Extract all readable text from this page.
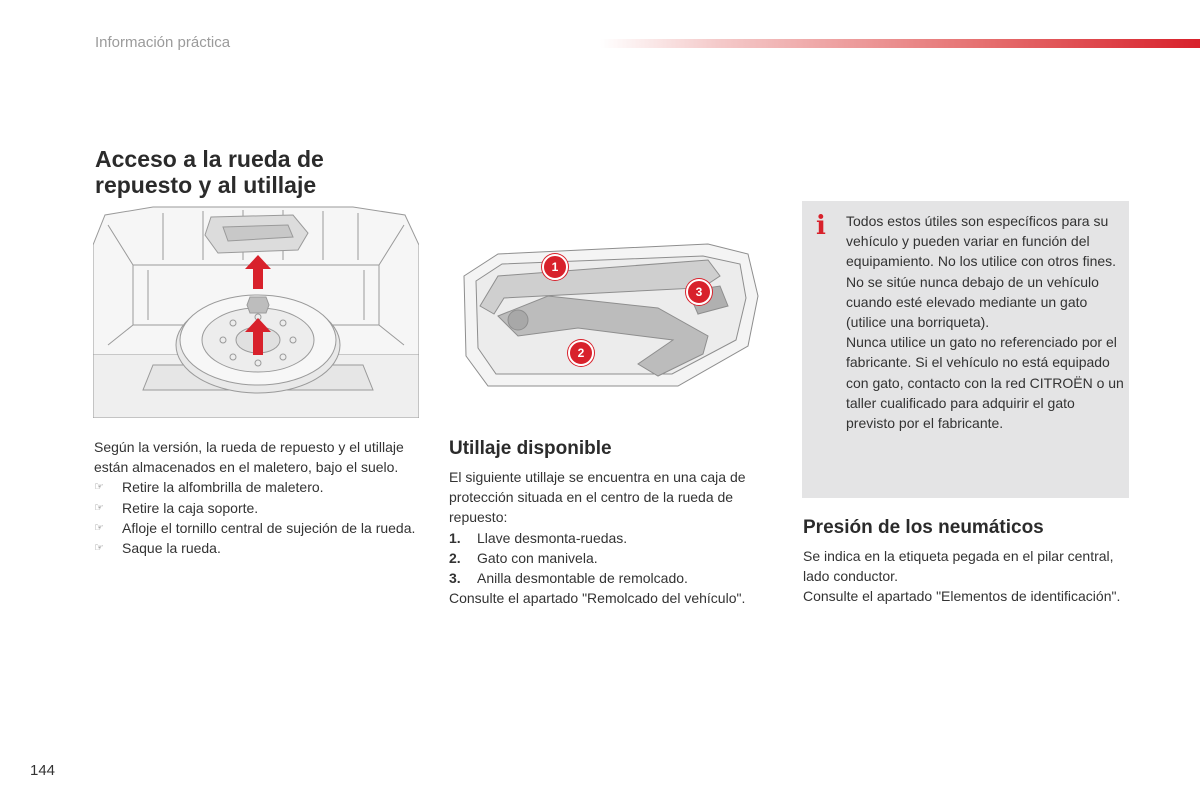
Información práctica
Acceso a la rueda de
repuesto y al utillaje
1
2
3

Según la versión, la rueda de repuesto y el utillaje están almacenados en el maletero, bajo el suelo.

☞	Retire la alfombrilla de maletero.
☞	Retire la caja soporte.
☞	Afloje el tornillo central de sujeción de la rueda.
☞	Saque la rueda.
Utillaje disponible

El siguiente utillaje se encuentra en una caja de protección situada en el centro de la rueda de repuesto:

1.	Llave desmonta-ruedas.
2.	Gato con manivela.
3.	Anilla desmontable de remolcado.

Consulte el apartado "Remolcado del vehículo".

i Todos estos útiles son específicos para su vehículo y pueden variar en función del equipamiento. No los utilice con otros fines.

No se sitúe nunca debajo de un vehículo cuando esté elevado mediante un gato (utilice una borriqueta).

Nunca utilice un gato no referenciado por el fabricante. Si el vehículo no está equipado con gato, contacto con la red CITROËN o un taller cualificado para adquirir el gato previsto por el fabricante.

Presión de los neumáticos

Se indica en la etiqueta pegada en el pilar central, lado conductor.

Consulte el apartado "Elementos de identificación".

144
